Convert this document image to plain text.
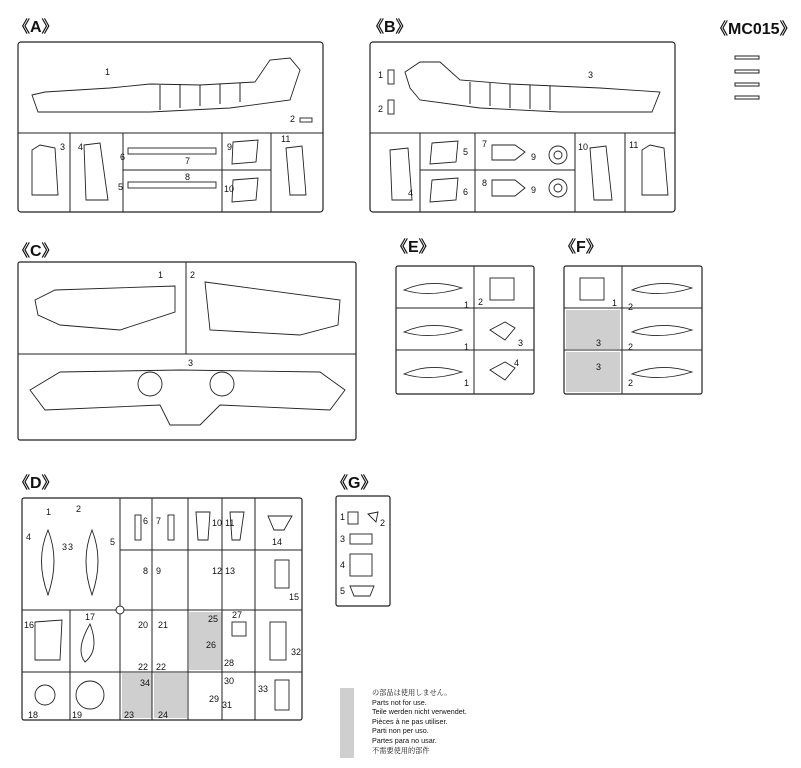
《A》	《B》	《MC015》
《C》	《E》	《F》
《D》	《G》
1
2
3 4
5
6	7
8
9
10
11
1
2
3
4
5
6
7
8
9
9
10	11
1	2
3
1 2
1	3
1
4
1 2
3	2
3
2
1	2
3 3
4	5
6 7	10 11
14
8 9	12 13
15
16
17
20 21
25 27
26
28
22 22
32
18	19
34
23	24
29
30
31
33
1
2
3
4
5
の部品は使用しません。
Parts not for use.
Teile werden nicht verwendet.
Pièces à ne pas utiliser.
Parti non per uso.
Partes para no usar.
不需要使用的部件
